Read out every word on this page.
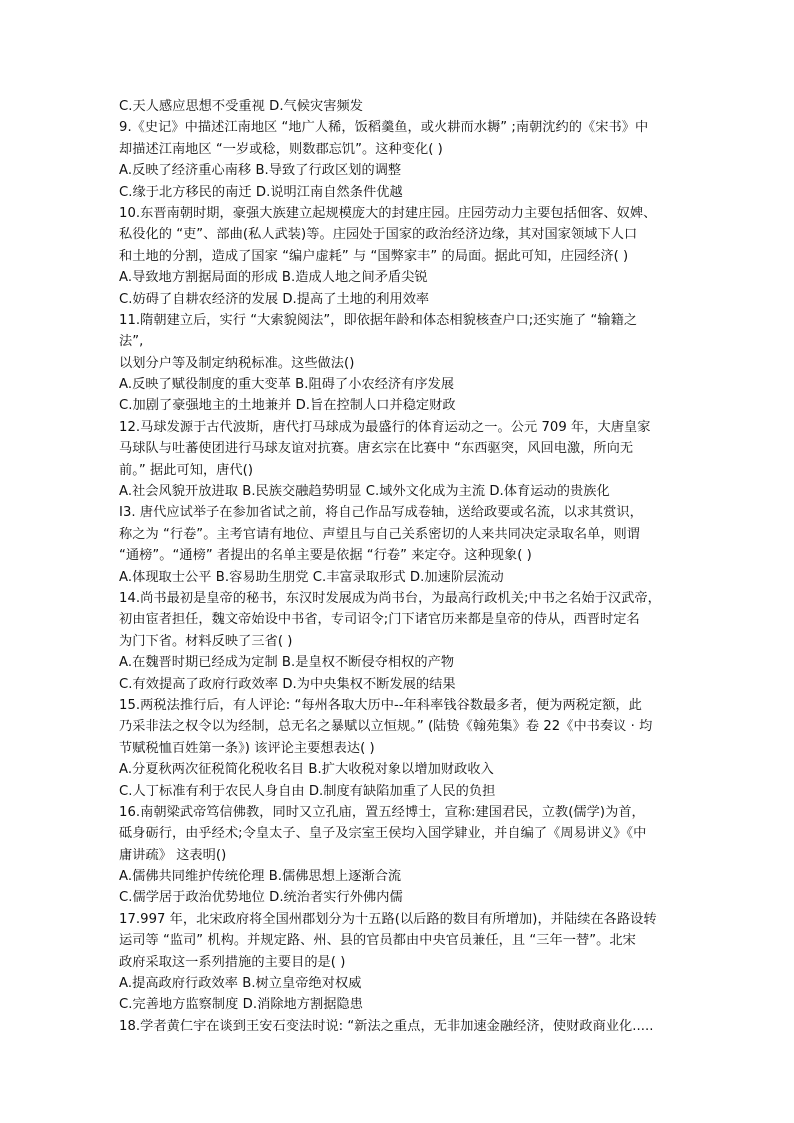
C.天人感应思想不受重视 D.气候灾害频发
9.《史记》中描述江南地区 “地广人稀，饭稻羹鱼，或火耕而水耨” ;南朝沈约的《宋书》中
却描述江南地区 “一岁或稔，则数郡忘饥”。这种变化( )
A.反映了经济重心南移 B.导致了行政区划的调整
C.缘于北方移民的南迁 D.说明江南自然条件优越
10.东晋南朝时期，豪强大族建立起规模庞大的封建庄园。庄园劳动力主要包括佃客、奴婢、
私役化的 “吏”、部曲(私人武装)等。庄园处于国家的政治经济边缘，其对国家领域下人口
和土地的分割，造成了国家 “编户虚耗” 与 “国弊家丰” 的局面。据此可知，庄园经济( )
A.导致地方割据局面的形成 B.造成人地之间矛盾尖锐
C.妨碍了自耕农经济的发展 D.提高了土地的利用效率
11.隋朝建立后，实行 “大索貌阅法”，即依据年龄和体态相貌核查户口;还实施了 “输籍之
法”,
以划分户等及制定纳税标准。这些做法()
A.反映了赋役制度的重大变革 B.阻碍了小农经济有序发展
C.加剧了豪强地主的土地兼并 D.旨在控制人口并稳定财政
12.马球发源于古代波斯，唐代打马球成为最盛行的体育运动之一。公元 709 年，大唐皇家
马球队与吐蕃使团进行马球友谊对抗赛。唐玄宗在比赛中 “东西驱突，风回电激，所向无
前。” 据此可知，唐代()
A.社会风貌开放进取 B.民族交融趋势明显 C.域外文化成为主流 D.体育运动的贵族化
I3. 唐代应试举子在参加省试之前，将自己作品写成卷轴，送给政要或名流，以求其赏识，
称之为 “行卷”。主考官请有地位、声望且与自己关系密切的人来共同决定录取名单，则谓
“通榜”。“通榜” 者提出的名单主要是依据 “行卷” 来定夺。这种现象( )
A.体现取士公平 B.容易助生朋党 C.丰富录取形式 D.加速阶层流动
14.尚书最初是皇帝的秘书，东汉时发展成为尚书台，为最高行政机关;中书之名始于汉武帝，
初由宦者担任，魏文帝始设中书省，专司诏令;门下诸官历来都是皇帝的侍从，西晋时定名
为门下省。材料反映了三省( )
A.在魏晋时期已经成为定制 B.是皇权不断侵夺相权的产物
C.有效提高了政府行政效率 D.为中央集权不断发展的结果
15.两税法推行后，有人评论: “每州各取大历中--年科率钱谷数最多者，便为两税定额，此
乃采非法之权令以为经制，总无名之暴赋以立恒规。” (陆贽《翰苑集》卷 22《中书奏议 · 均
节赋税恤百姓第一条》) 该评论主要想表达( )
A.分夏秋两次征税简化税收名目 B.扩大收税对象以增加财政收入
C.人丁标准有利于农民人身自由 D.制度有缺陷加重了人民的负担
16.南朝梁武帝笃信佛教，同时又立孔庙，置五经博士，宣称:建国君民，立教(儒学)为首，
砥身砺行，由乎经术;令皇太子、皇子及宗室王侯均入国学肄业，并自编了《周易讲义》《中
庸讲疏》 这表明()
A.儒佛共同维护传统伦理 B.儒佛思想上逐渐合流
C.儒学居于政治优势地位 D.统治者实行外佛内儒
17.997 年，北宋政府将全国州郡划分为十五路(以后路的数目有所增加)，并陆续在各路设转
运司等 “监司” 机构。并规定路、州、县的官员都由中央官员兼任，且 “三年一替”。北宋
政府采取这一系列措施的主要目的是( )
A.提高政府行政效率 B.树立皇帝绝对权威
C.完善地方监察制度 D.消除地方割据隐患
18.学者黄仁宇在谈到王安石变法时说: “新法之重点，无非加速金融经济，使财政商业化.....
